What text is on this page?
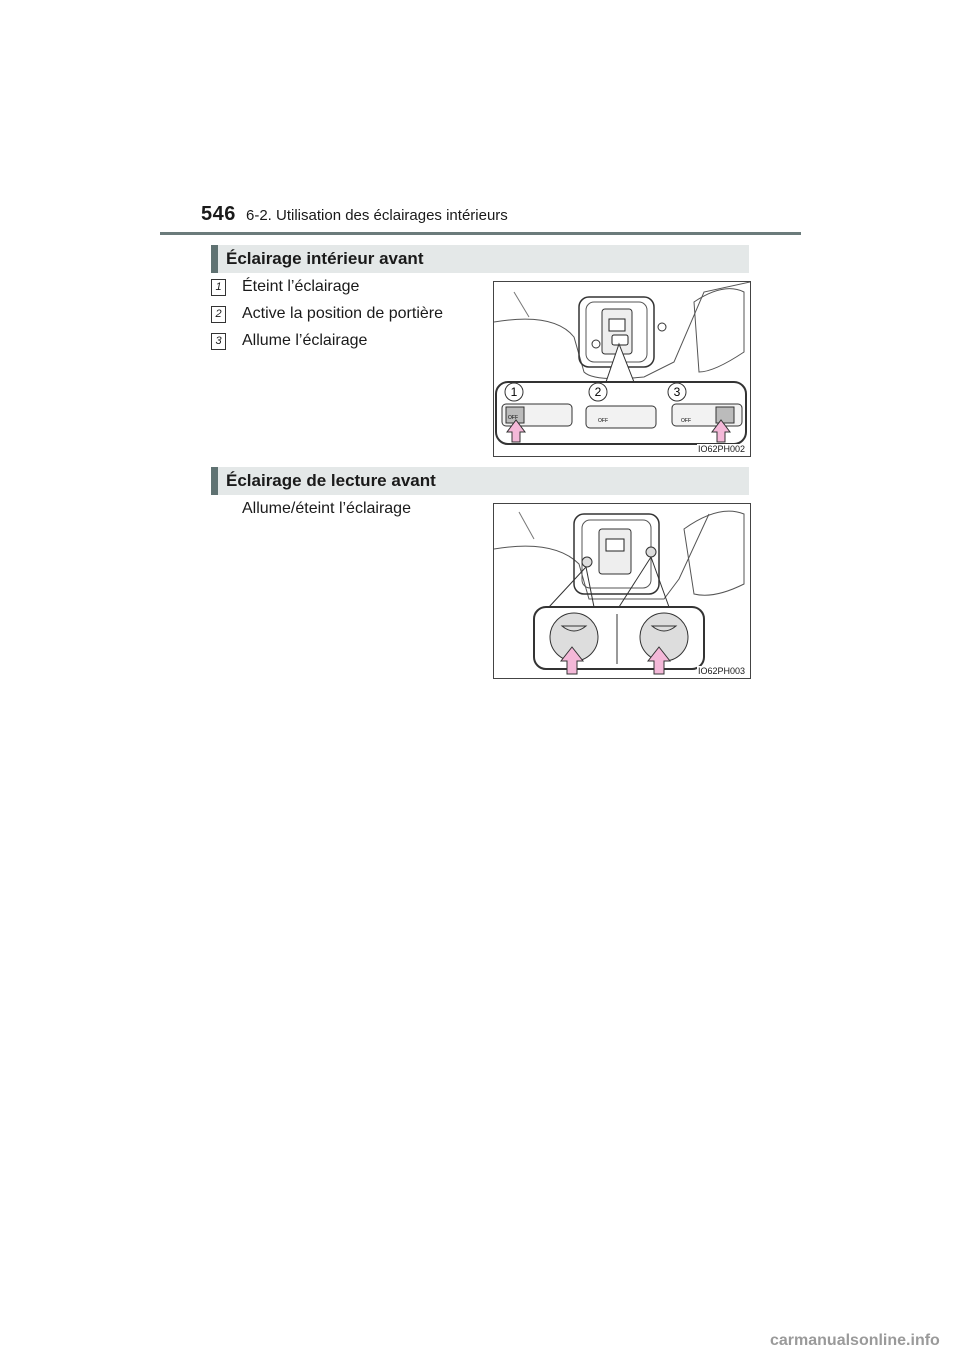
546 6-2. Utilisation des éclairages intérieurs
Éclairage intérieur avant
1 Éteint l’éclairage
2 Active la position de portière
3 Allume l’éclairage
1	2	3
OFF	OFF	OFF
IO62PH002
Éclairage de lecture avant
Allume/éteint l’éclairage
IO62PH003
carmanualsonline.info
